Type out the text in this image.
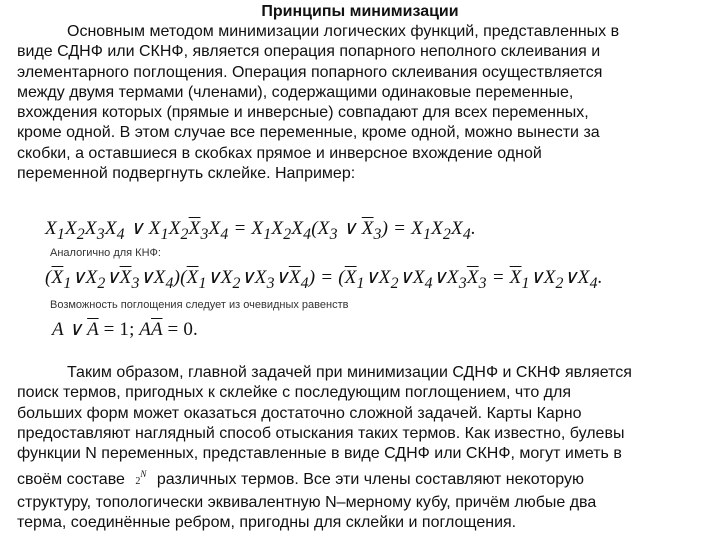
Принципы минимизации
Основным методом минимизации логических функций, представленных в
виде СДНФ или СКНФ, является операция попарного неполного склеивания и
элементарного поглощения. Операция попарного склеивания осуществляется
между двумя термами (членами), содержащими одинаковые переменные,
вхождения которых (прямые и инверсные) совпадают для всех переменных,
кроме одной. В этом случае все переменные, кроме одной, можно вынести за
скобки, а оставшиеся в скобках прямое и инверсное вхождение одной
переменной подвергнуть склейке. Например:
$X_1X_2X_3X_4$ ∨ $X_1X_2\overline{X}_3X_4 = X_1X_2X_4(X_3$ ∨ $\overline{X}_3) = X_1X_2X_4$.
Аналогично для КНФ:
$(\overline{X}_1\vee X_2\vee\overline{X}_3\vee X_4)(\overline{X}_1\vee X_2\vee X_3\vee\overline{X}_4)$ = ($\overline{X}_1\vee X_2\vee X_4\vee X_3\overline{X}_3$ = $\overline{X}_1\vee X_2\vee X_4$.
Возможность поглощения следует из очевидных равенств
A ∨ $\overline{A} = 1$; $A\overline{A} = 0$.
Таким образом, главной задачей при минимизации СДНФ и СКНФ является
поиск термов, пригодных к склейке с последующим поглощением, что для
больших форм может оказаться достаточно сложной задачей. Карты Карно
предоставляют наглядный способ отыскания таких термов. Как известно, булевы
функции N переменных, представленные в виде СДНФ или СКНФ, могут иметь в
своём составе 2N различных термов. Все эти члены составляют некоторую
структуру, топологически эквивалентную N–мерному кубу, причём любые два
терма, соединённые ребром, пригодны для склейки и поглощения.
